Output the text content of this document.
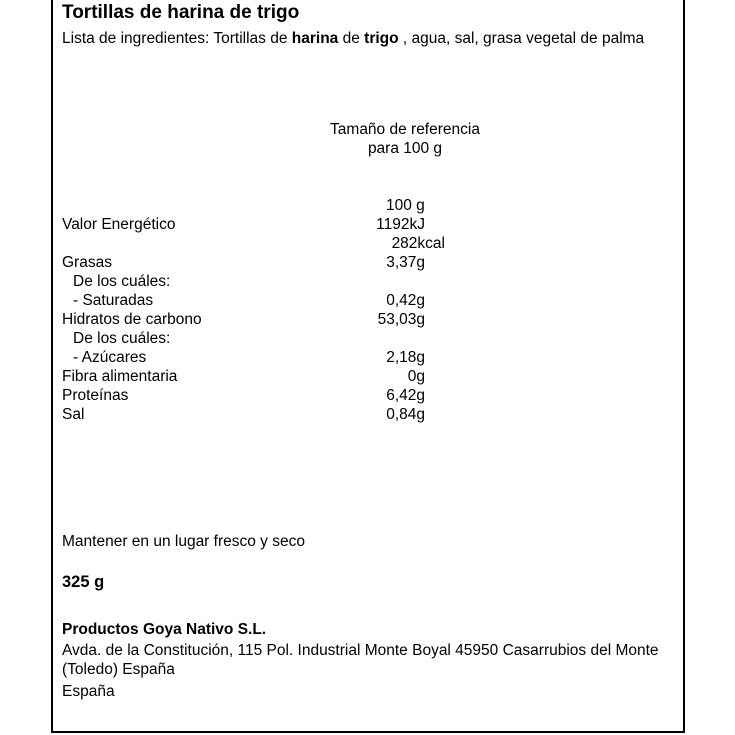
Tortillas de harina de trigo
Lista de ingredientes: Tortillas de harina de trigo , agua, sal, grasa vegetal de palma
Tamaño de referencia
para 100 g
100 g
Valor Energético	1192kJ
282kcal
Grasas	3,37g
De los cuáles:
- Saturadas	0,42g
Hidratos de carbono	53,03g
De los cuáles:
- Azúcares	2,18g
Fibra alimentaria	0g
Proteínas	6,42g
Sal	0,84g
Mantener en un lugar fresco y seco
325 g
Productos Goya Nativo S.L.
Avda. de la Constitución, 115 Pol. Industrial Monte Boyal 45950 Casarrubios del Monte (Toledo) España
España
